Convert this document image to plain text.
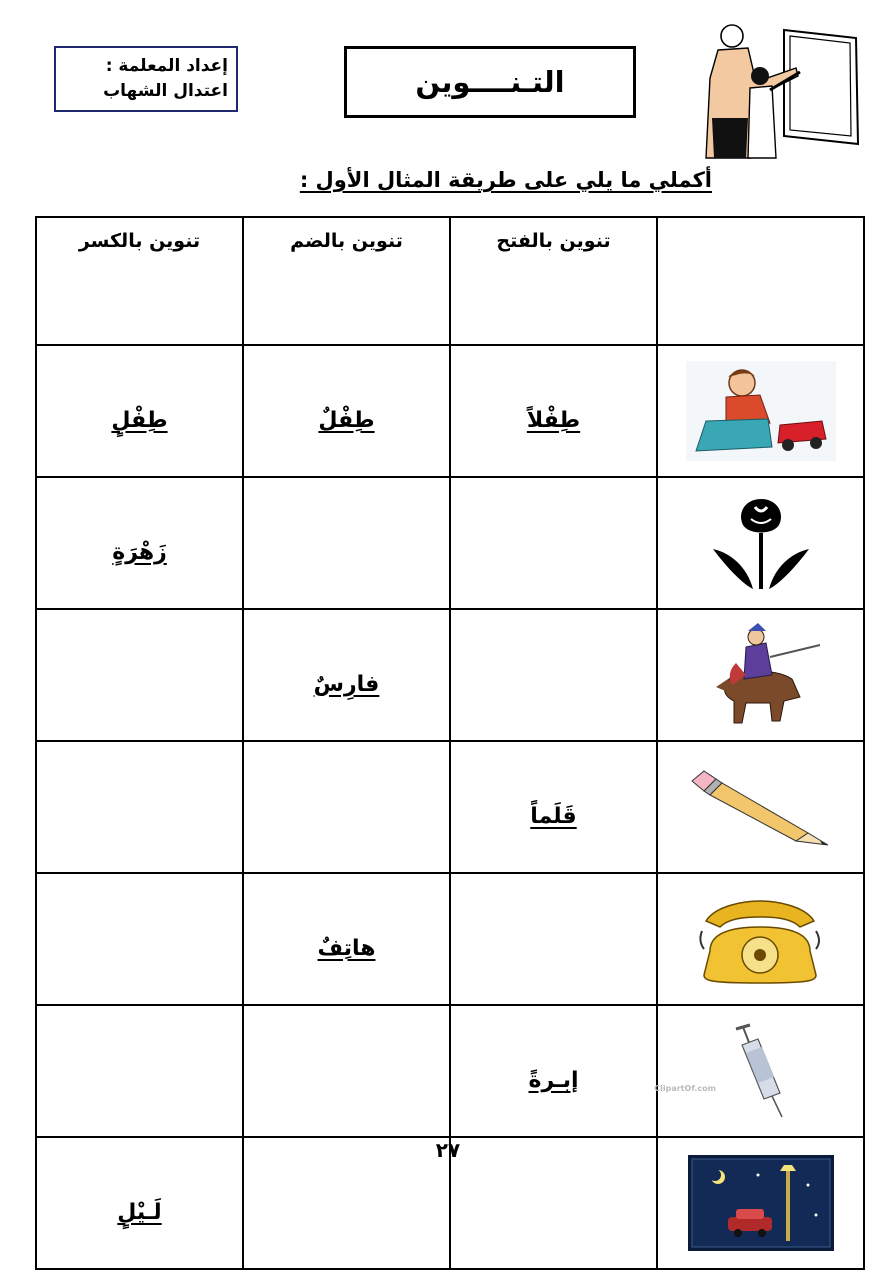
إعداد المعلمة :
اعتدال الشهاب	التـنــــوين
أكملي ما يلي على طريقة المثال الأول :
	تنوين بالفتح	تنوين بالضم	تنوين بالكسر

	طِفْلاً	طِفْلٌ	طِفْلٍ

			زَهْرَةٍ

		فارِسٌ	

	قَلَماً		

		هاتِفٌ	

ClipartOf.com	إبـرةً		

			لَـيْلٍ
٢٧
